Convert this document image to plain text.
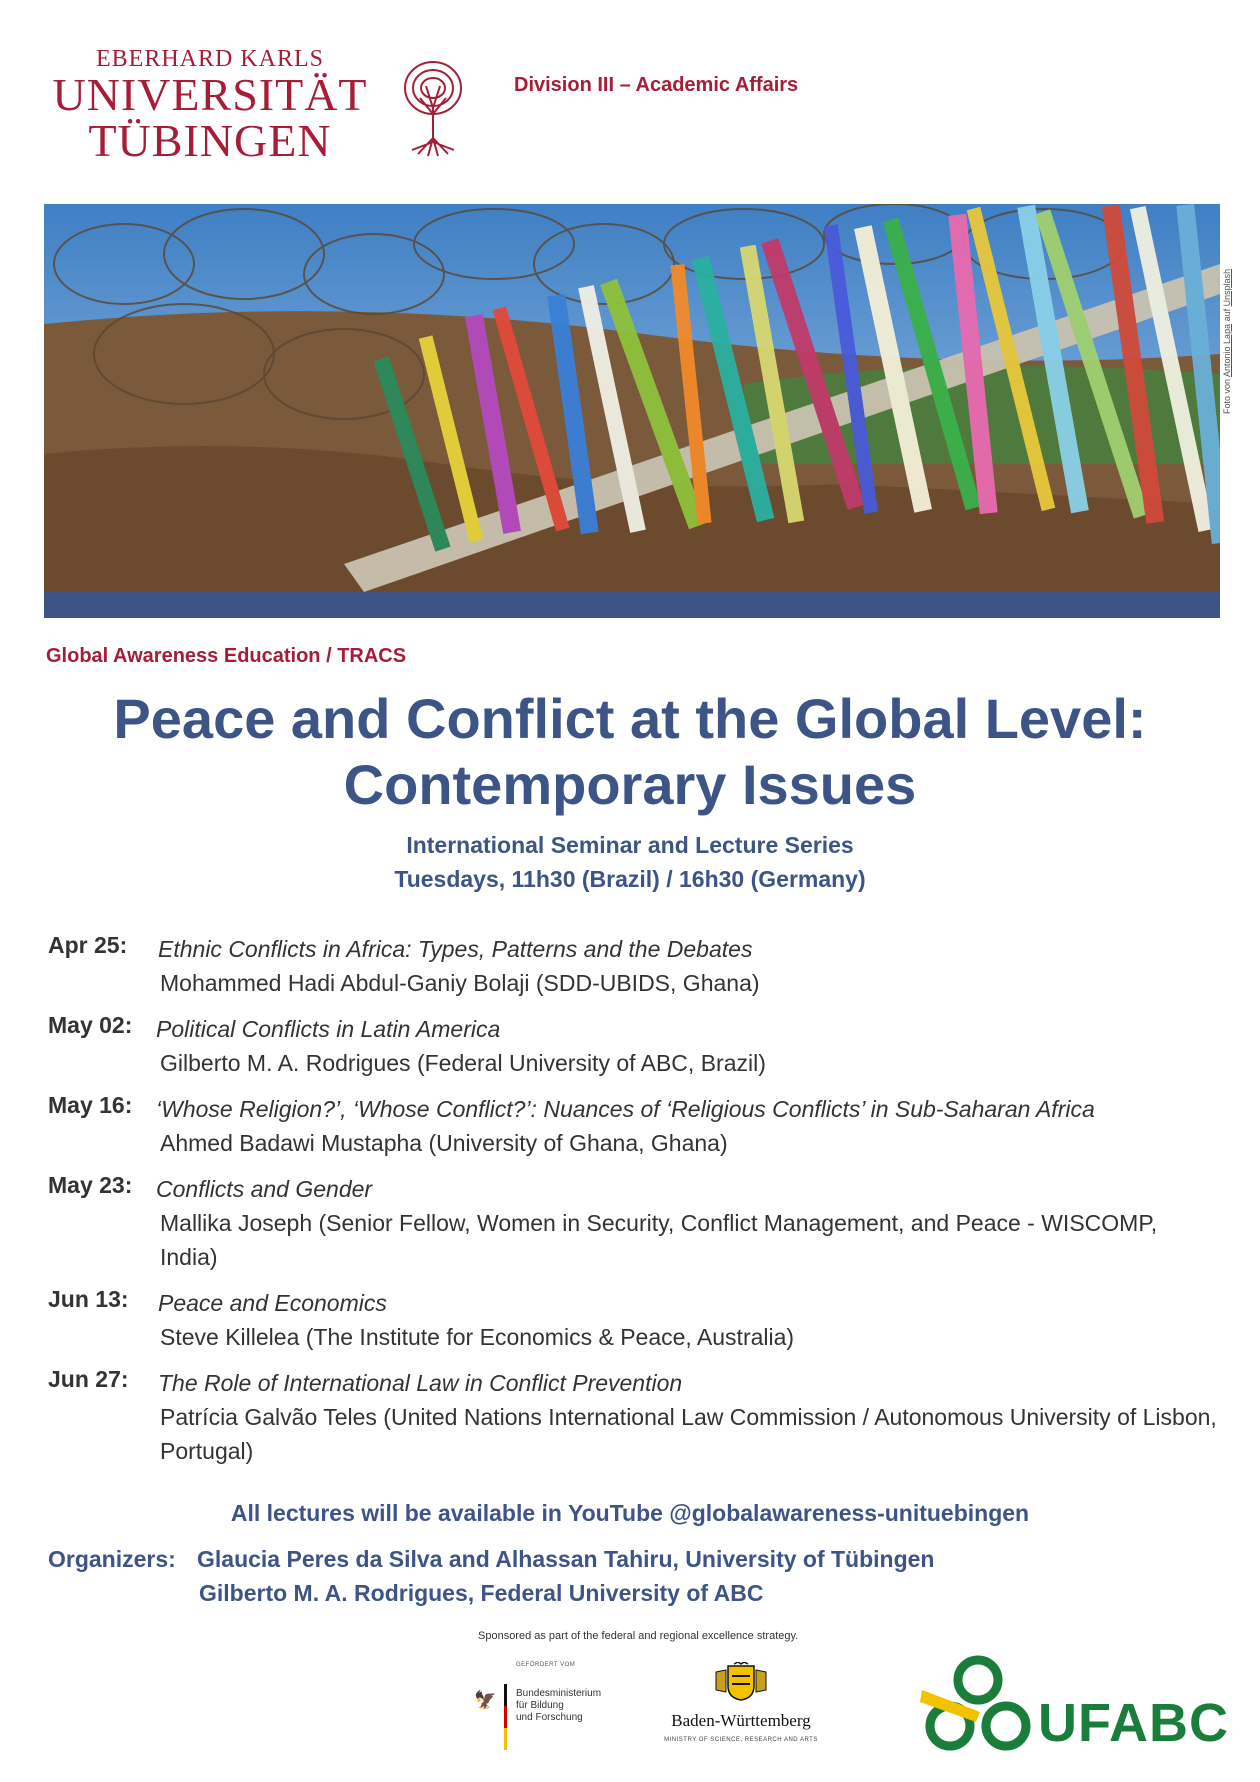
EBERHARD KARLS
UNIVERSITÄT
TÜBINGEN
Division III – Academic Affairs
Foto von Antonio Lapa auf Unsplash
Global Awareness Education / TRACS
Peace and Conflict at the Global Level:
Contemporary Issues
International Seminar and Lecture Series
Tuesdays, 11h30 (Brazil) / 16h30 (Germany)
Apr 25: Ethnic Conflicts in Africa: Types, Patterns and the Debates
Mohammed Hadi Abdul-Ganiy Bolaji (SDD-UBIDS, Ghana)
May 02: Political Conflicts in Latin America
Gilberto M. A. Rodrigues (Federal University of ABC, Brazil)
May 16: ‘Whose Religion?’, ‘Whose Conflict?’: Nuances of ‘Religious Conflicts’ in Sub-Saharan Africa
Ahmed Badawi Mustapha (University of Ghana, Ghana)
May 23: Conflicts and Gender
Mallika Joseph (Senior Fellow, Women in Security, Conflict Management, and Peace - WISCOMP, India)
Jun 13: Peace and Economics
Steve Killelea (The Institute for Economics & Peace, Australia)
Jun 27: The Role of International Law in Conflict Prevention
Patrícia Galvão Teles (United Nations International Law Commission / Autonomous University of Lisbon, Portugal)
All lectures will be available in YouTube @globalawareness-unituebingen
Organizers: Glaucia Peres da Silva and Alhassan Tahiru, University of Tübingen
Gilberto M. A. Rodrigues, Federal University of ABC
Sponsored as part of the federal and regional excellence strategy.
GEFÖRDERT VOM
🦅 Bundesministerium
für Bildung
und Forschung	Baden-Württemberg
MINISTRY OF SCIENCE, RESEARCH AND ARTS	UFABC
